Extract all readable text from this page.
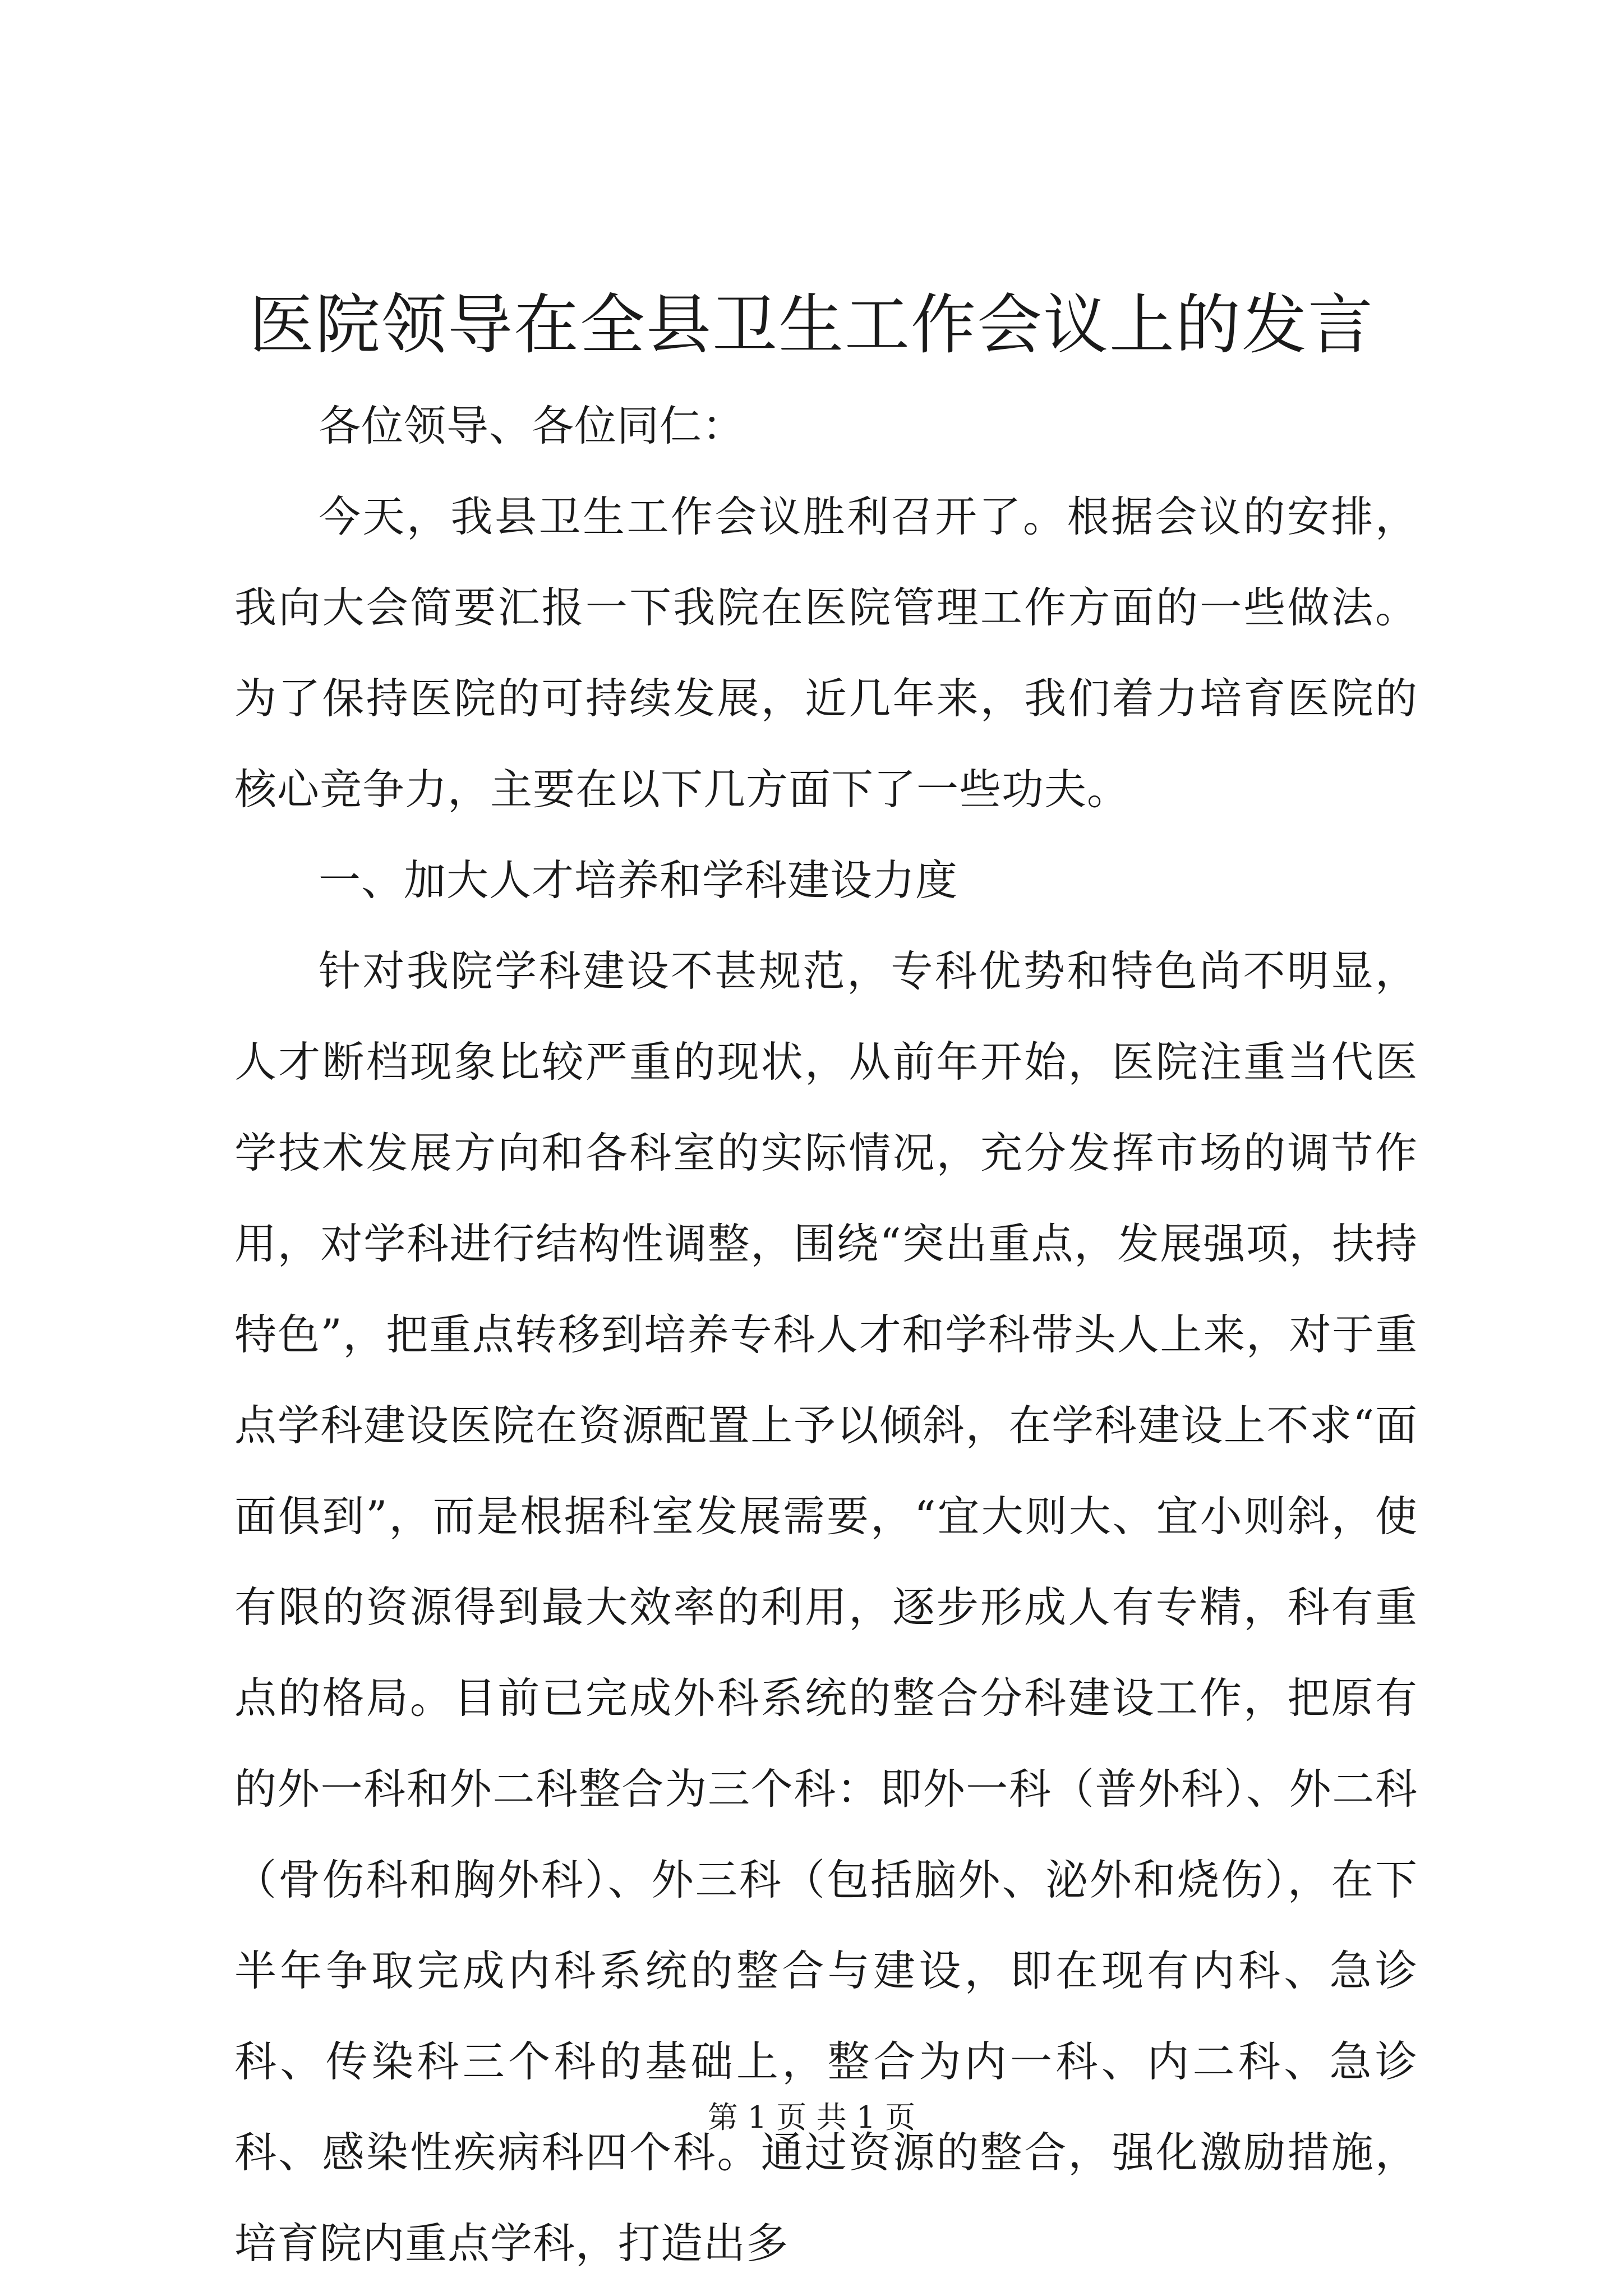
医院领导在全县卫生工作会议上的发言

各位领导、各位同仁：

今天，我县卫生工作会议胜利召开了。根据会议的安排，我向大会简要汇报一下我院在医院管理工作方面的一些做法。为了保持医院的可持续发展，近几年来，我们着力培育医院的核心竞争力，主要在以下几方面下了一些功夫。

一、加大人才培养和学科建设力度

针对我院学科建设不甚规范，专科优势和特色尚不明显，人才断档现象比较严重的现状，从前年开始，医院注重当代医学技术发展方向和各科室的实际情况，充分发挥市场的调节作用，对学科进行结构性调整，围绕“突出重点，发展强项，扶持特色”，把重点转移到培养专科人才和学科带头人上来，对于重点学科建设医院在资源配置上予以倾斜，在学科建设上不求“面面俱到”，而是根据科室发展需要，“宜大则大、宜小则斜，使有限的资源得到最大效率的利用，逐步形成人有专精，科有重点的格局。目前已完成外科系统的整合分科建设工作，把原有的外一科和外二科整合为三个科：即外一科（普外科）、外二科（骨伤科和胸外科）、外三科（包括脑外、泌外和烧伤），在下半年争取完成内科系统的整合与建设，即在现有内科、急诊科、传染科三个科的基础上，整合为内一科、内二科、急诊科、感染性疾病科四个科。通过资源的整合，强化激励措施，培育院内重点学科，打造出多

第 1 页 共 1 页
